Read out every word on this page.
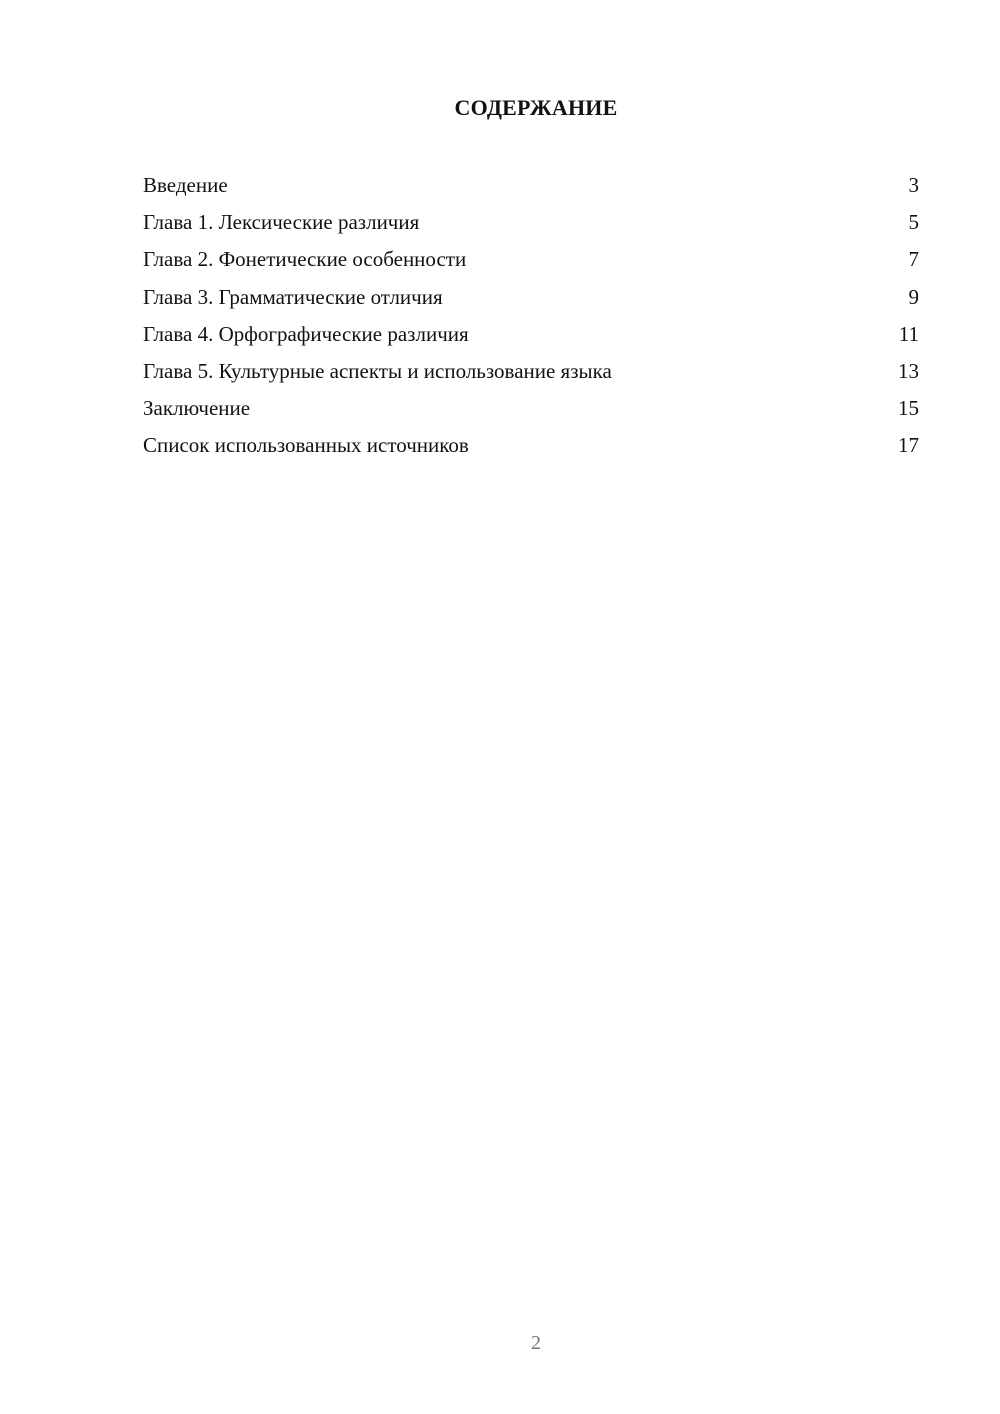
СОДЕРЖАНИЕ
Введение	3
Глава 1. Лексические различия	5
Глава 2. Фонетические особенности	7
Глава 3. Грамматические отличия	9
Глава 4. Орфографические различия	11
Глава 5. Культурные аспекты и использование языка	13
Заключение	15
Список использованных источников	17
2
